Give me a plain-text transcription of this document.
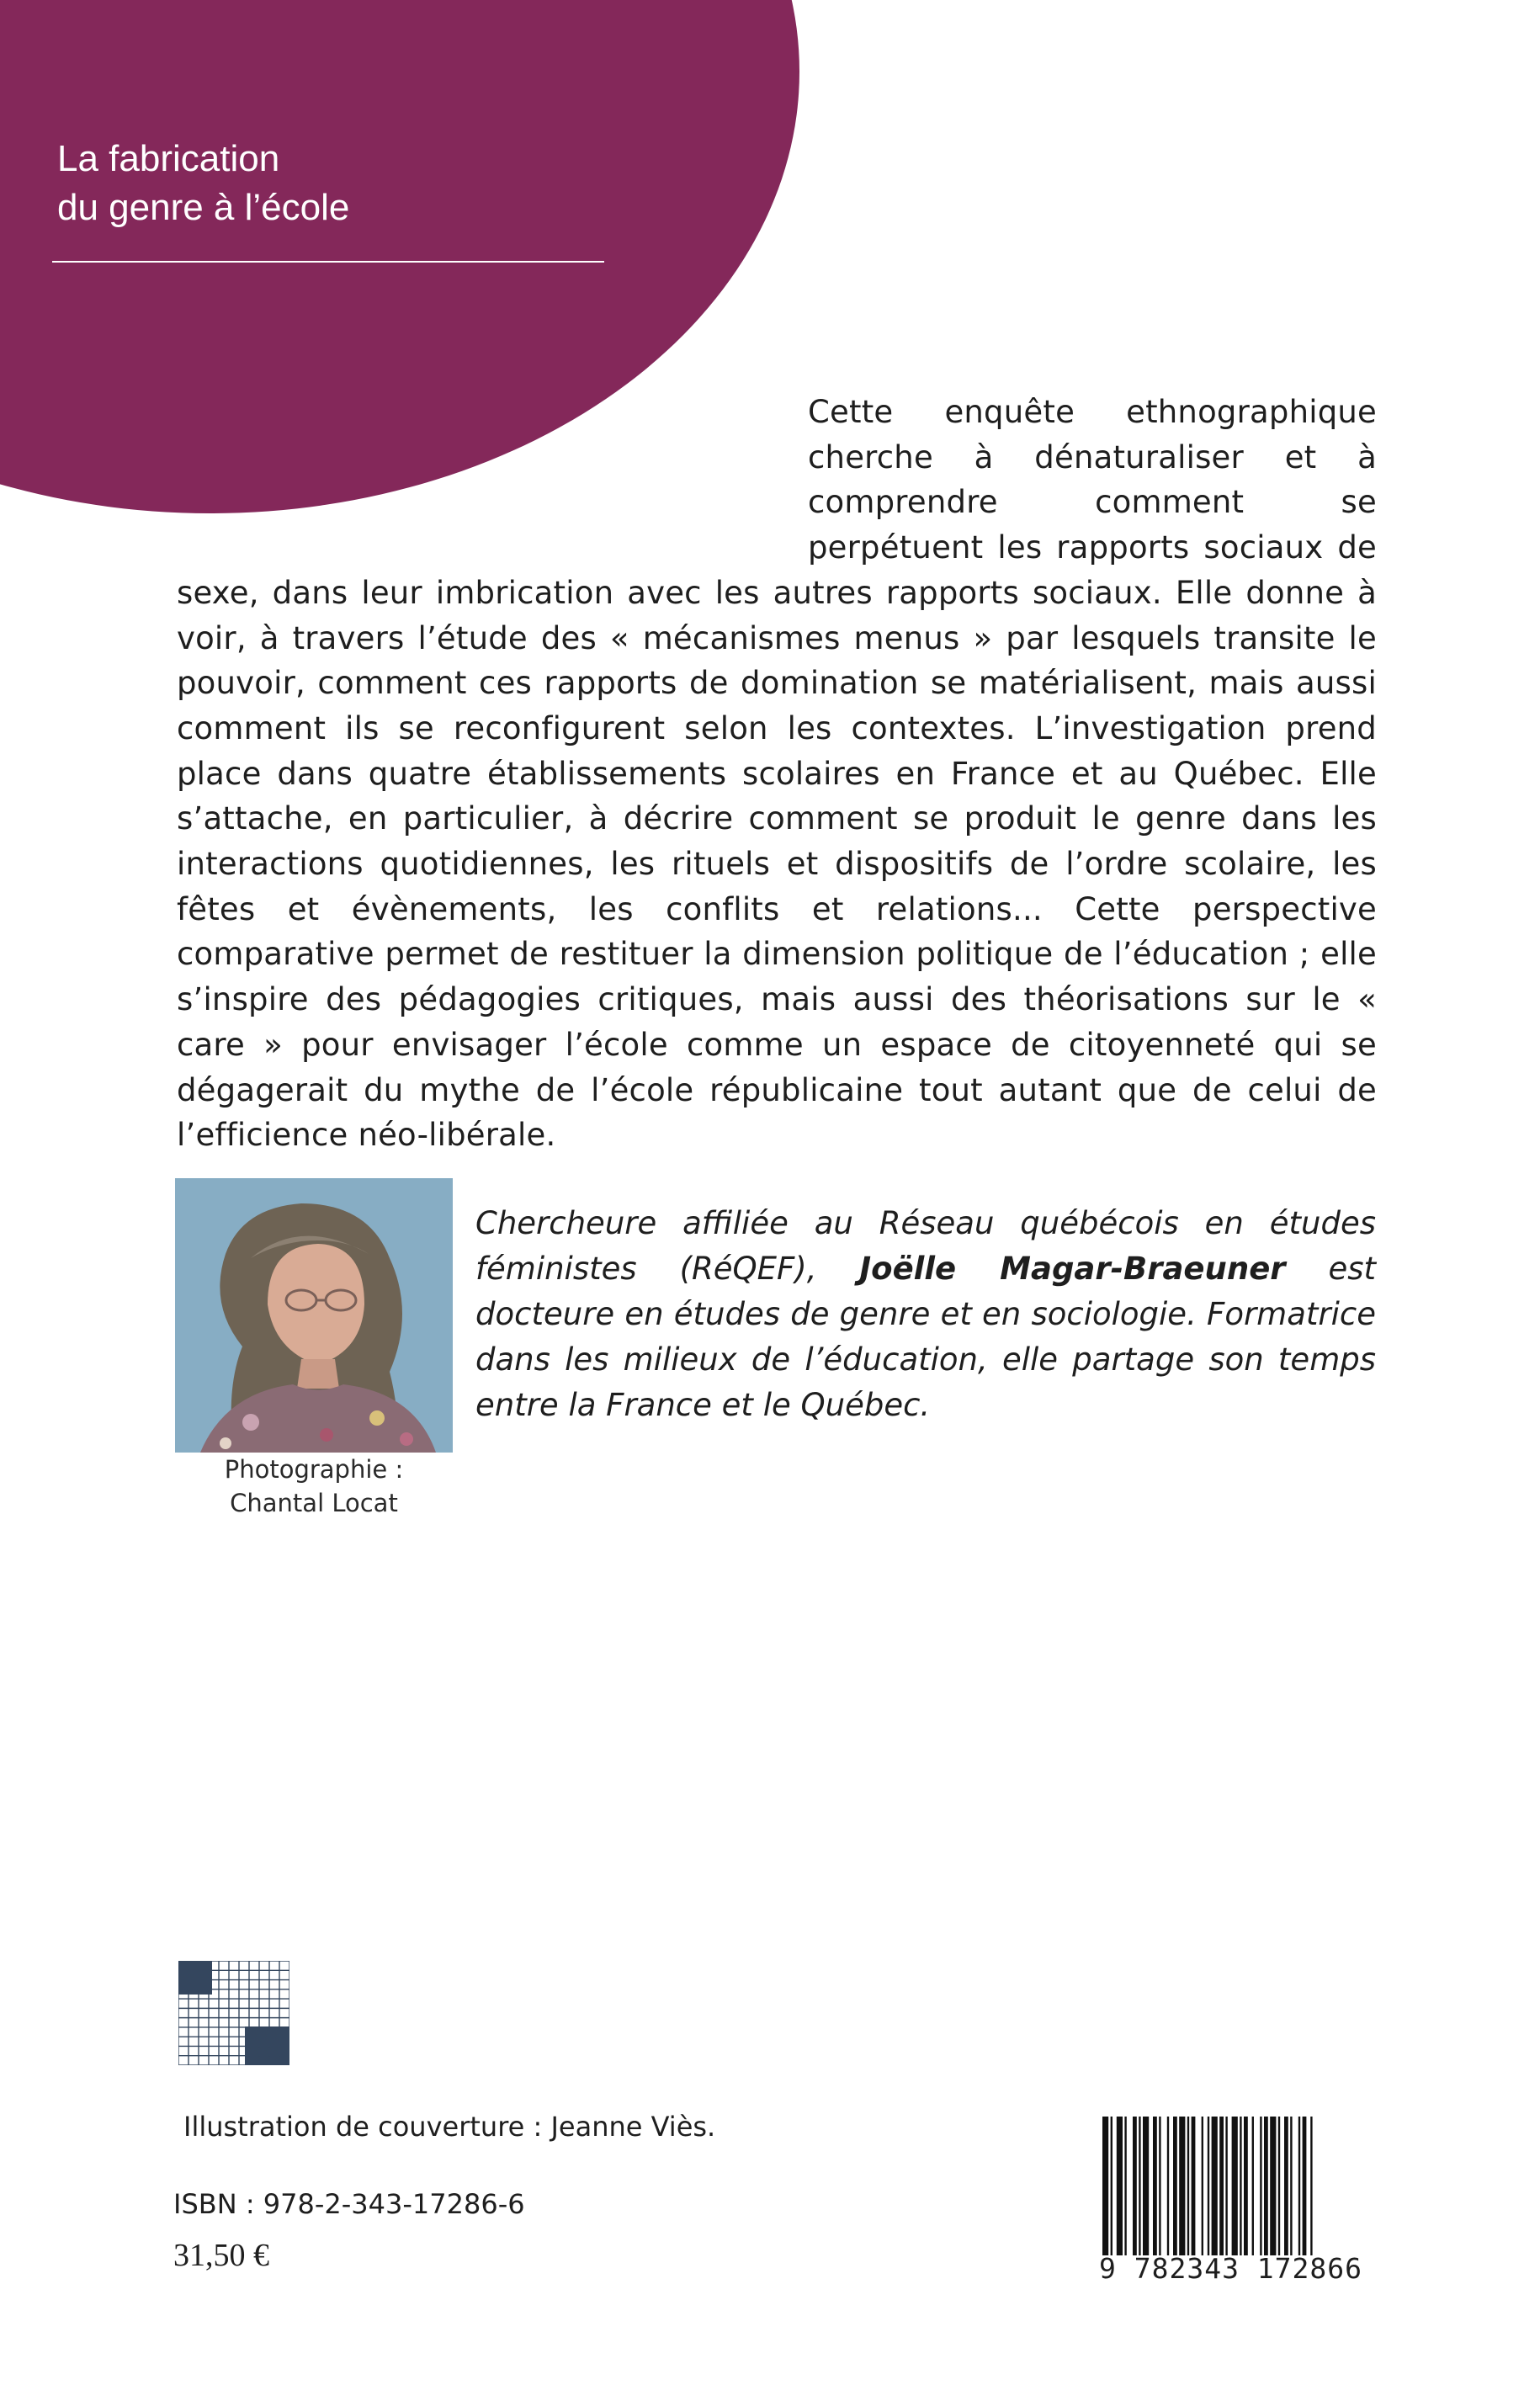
La fabrication
du genre à l’école

Cette enquête ethnographique cherche à dénaturaliser et à comprendre comment se perpétuent les rapports sociaux de sexe, dans leur imbrication avec les autres rapports sociaux. Elle donne à voir, à travers l’étude des « mécanismes menus » par lesquels transite le pouvoir, comment ces rapports de domination se matérialisent, mais aussi comment ils se reconfigurent selon les contextes. L’investigation prend place dans quatre établissements scolaires en France et au Québec. Elle s’attache, en particulier, à décrire comment se produit le genre dans les interactions quotidiennes, les rituels et dispositifs de l’ordre scolaire, les fêtes et évènements, les conflits et relations... Cette perspective comparative permet de restituer la dimension politique de l’éducation ; elle s’inspire des pédagogies critiques, mais aussi des théorisations sur le « care » pour envisager l’école comme un espace de citoyenneté qui se dégagerait du mythe de l’école républicaine tout autant que de celui de l’efficience néo-libérale.

Photographie :
Chantal Locat
Chercheure affiliée au Réseau québécois en études féministes (RéQEF), Joëlle Magar-Braeuner est docteure en études de genre et en sociologie. Formatrice dans les milieux de l’éducation, elle partage son temps entre la France et le Québec.
Illustration de couverture : Jeanne Viès.
ISBN : 978-2-343-17286-6
31,50 €	9 782343 172866
